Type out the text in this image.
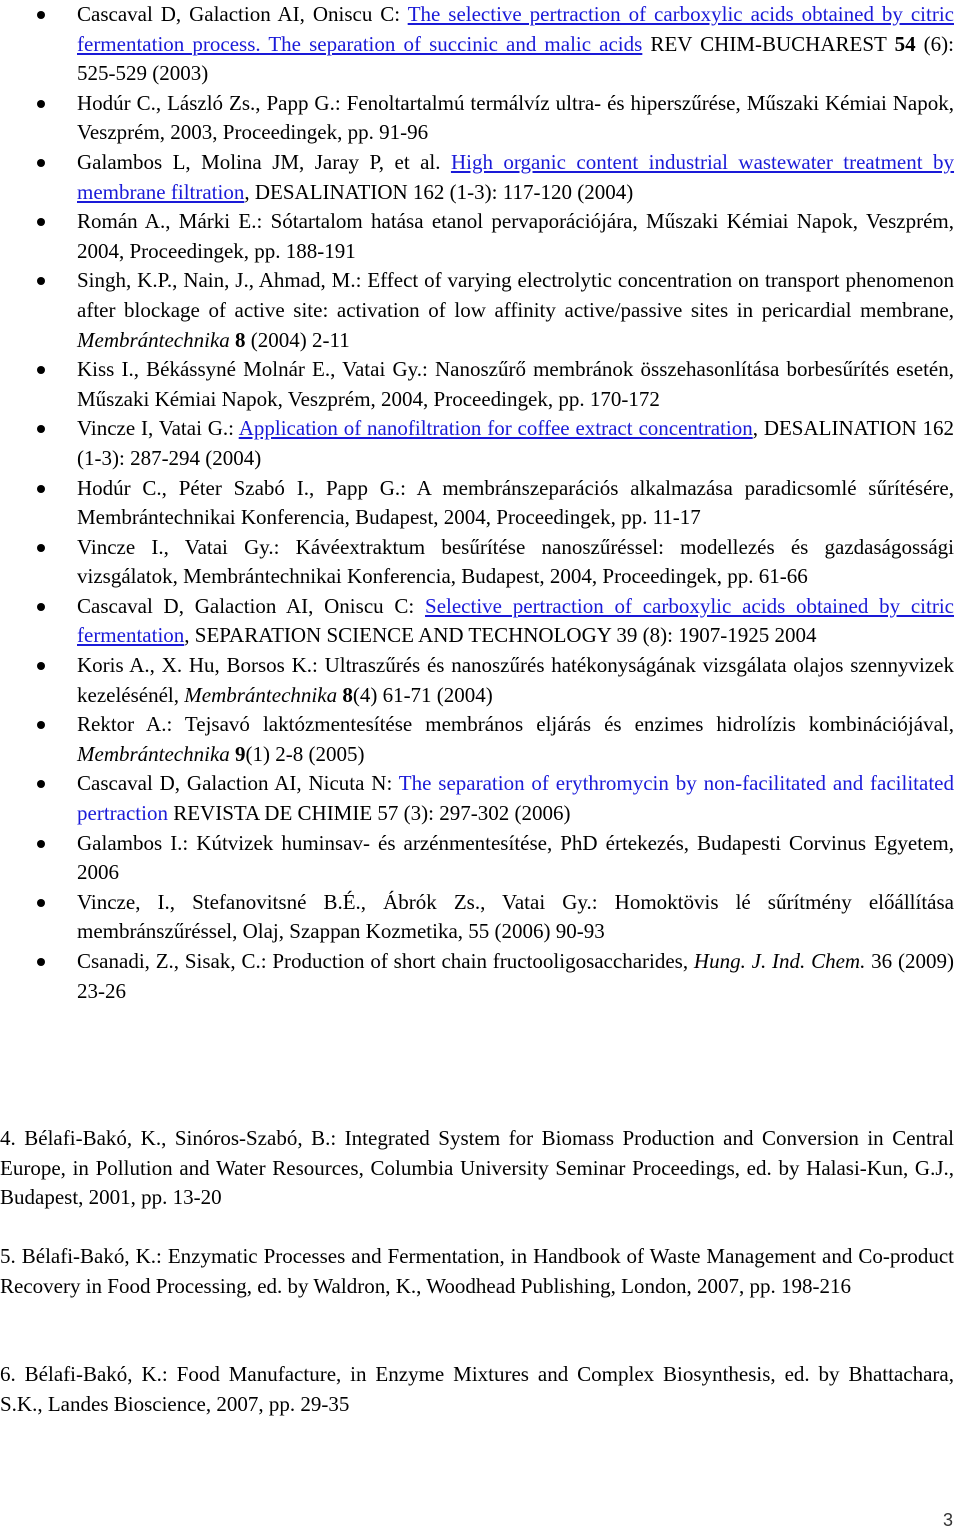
Cascaval D, Galaction AI, Oniscu C: The selective pertraction of carboxylic acids obtained by citric fermentation process. The separation of succinic and malic acids REV CHIM-BUCHAREST 54 (6): 525-529 (2003)
Hodúr C., László Zs., Papp G.: Fenoltartalmú termálvíz ultra- és hiperszűrése, Műszaki Kémiai Napok, Veszprém, 2003, Proceedingek, pp. 91-96
Galambos L, Molina JM, Jaray P, et al. High organic content industrial wastewater treatment by membrane filtration, DESALINATION 162 (1-3): 117-120 (2004)
Román A., Márki E.: Sótartalom hatása etanol pervaporációjára, Műszaki Kémiai Napok, Veszprém, 2004, Proceedingek, pp. 188-191
Singh, K.P., Nain, J., Ahmad, M.: Effect of varying electrolytic concentration on transport phenomenon after blockage of active site: activation of low affinity active/passive sites in pericardial membrane, Membrántechnika 8 (2004) 2-11
Kiss I., Békássyné Molnár E., Vatai Gy.: Nanoszűrő membránok összehasonlítása borbesűrítés esetén, Műszaki Kémiai Napok, Veszprém, 2004, Proceedingek, pp. 170-172
Vincze I, Vatai G.: Application of nanofiltration for coffee extract concentration, DESALINATION 162 (1-3): 287-294 (2004)
Hodúr C., Péter Szabó I., Papp G.: A membránszeparációs alkalmazása paradicsomlé sűrítésére, Membrántechnikai Konferencia, Budapest, 2004, Proceedingek, pp. 11-17
Vincze I., Vatai Gy.: Kávéextraktum besűrítése nanoszűréssel: modellezés és gazdaságossági vizsgálatok, Membrántechnikai Konferencia, Budapest, 2004, Proceedingek, pp. 61-66
Cascaval D, Galaction AI, Oniscu C: Selective pertraction of carboxylic acids obtained by citric fermentation, SEPARATION SCIENCE AND TECHNOLOGY 39 (8): 1907-1925 2004
Koris A., X. Hu, Borsos K.: Ultraszűrés és nanoszűrés hatékonyságának vizsgálata olajos szennyvizek kezelésénél, Membrántechnika 8(4) 61-71 (2004)
Rektor A.: Tejsavó laktózmentesítése membrános eljárás és enzimes hidrolízis kombinációjával, Membrántechnika 9(1) 2-8 (2005)
Cascaval D, Galaction AI, Nicuta N: The separation of erythromycin by non-facilitated and facilitated pertraction REVISTA DE CHIMIE 57 (3): 297-302 (2006)
Galambos I.: Kútvizek huminsav- és arzénmentesítése, PhD értekezés, Budapesti Corvinus Egyetem, 2006
Vincze, I., Stefanovitsné B.É., Ábrók Zs., Vatai Gy.: Homoktövis lé sűrítmény előállítása membránszűréssel, Olaj, Szappan Kozmetika, 55 (2006) 90-93
Csanadi, Z., Sisak, C.: Production of short chain fructooligosaccharides, Hung. J. Ind. Chem. 36 (2009) 23-26

4. Bélafi-Bakó, K., Sinóros-Szabó, B.: Integrated System for Biomass Production and Conversion in Central Europe, in Pollution and Water Resources, Columbia University Seminar Proceedings, ed. by Halasi-Kun, G.J., Budapest, 2001, pp. 13-20

5. Bélafi-Bakó, K.: Enzymatic Processes and Fermentation, in Handbook of Waste Management and Co-product Recovery in Food Processing, ed. by Waldron, K., Woodhead Publishing, London, 2007, pp. 198-216

6. Bélafi-Bakó, K.: Food Manufacture, in Enzyme Mixtures and Complex Biosynthesis, ed. by Bhattachara, S.K., Landes Bioscience, 2007, pp. 29-35

3
